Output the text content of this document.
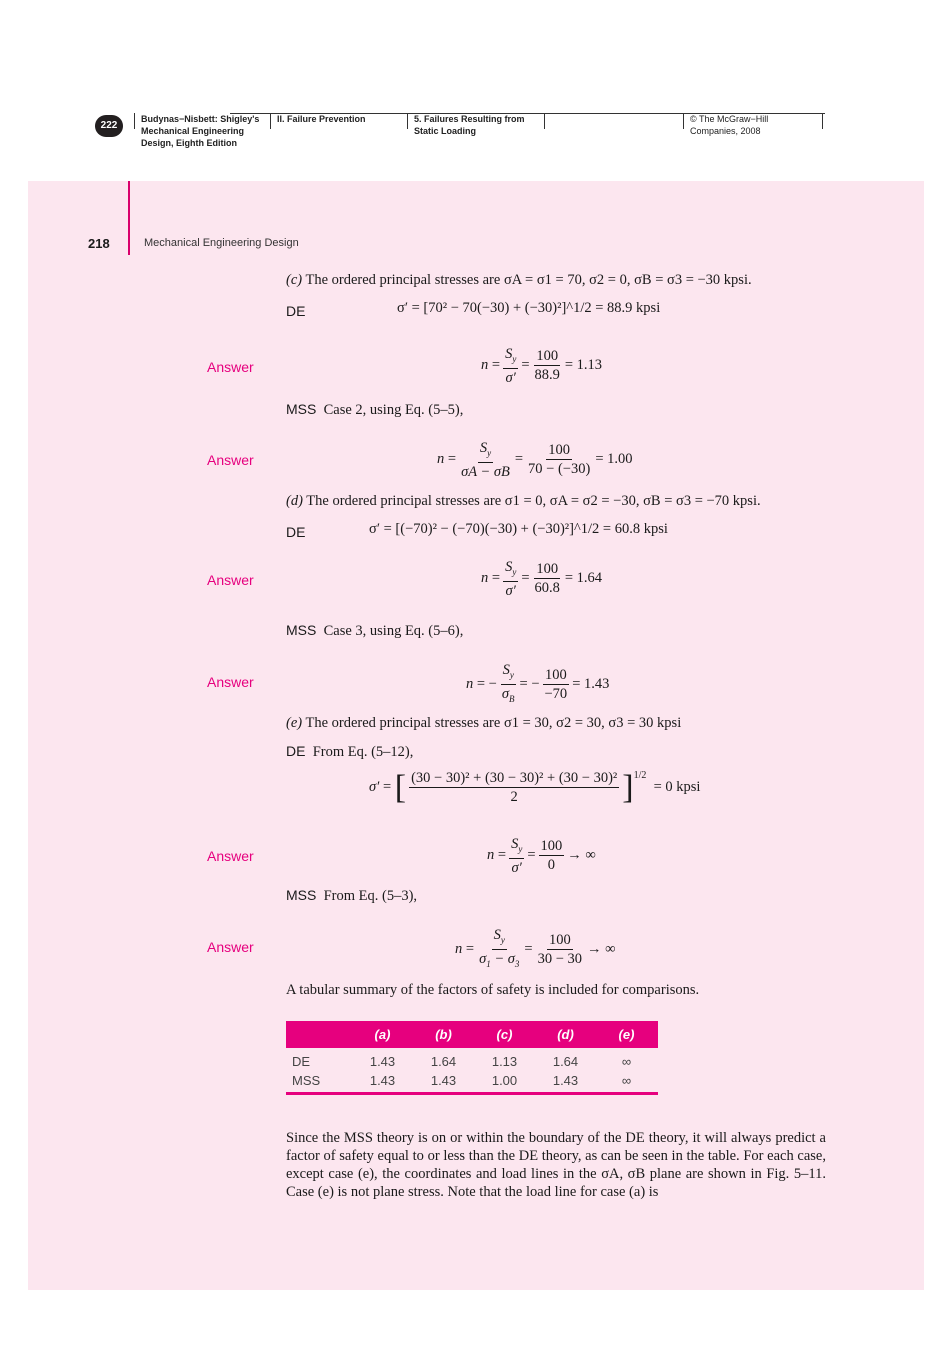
222
Budynas−Nisbett: Shigley's
Mechanical Engineering
Design, Eighth Edition
II. Failure Prevention	5. Failures Resulting from
Static Loading
© The McGraw−Hill
Companies, 2008
218	Mechanical Engineering Design
(c) The ordered principal stresses are σA = σ1 = 70, σ2 = 0, σB = σ3 = −30 kpsi.
DE	σ′ = [70² − 70(−30) + (−30)²]^1/2 = 88.9 kpsi
Answer	$n = \frac{S_y}{\sigma'} = \frac{100}{88.9} = 1.13$
MSS Case 2, using Eq. (5–5),
Answer	$n = \frac{S_y}{\sigma A - \sigma B} = \frac{100}{70 - (-30)} = 1.00$
(d) The ordered principal stresses are σ1 = 0, σA = σ2 = −30, σB = σ3 = −70 kpsi.
DE	σ′ = [(−70)² − (−70)(−30) + (−30)²]^1/2 = 60.8 kpsi
Answer	$n = \frac{S_y}{\sigma'} = \frac{100}{60.8} = 1.64$
MSS Case 3, using Eq. (5–6),
Answer	n = − $\frac{S_y}{\sigma_B}$ = − $\frac{100}{-70} = 1.43$
(e) The ordered principal stresses are σ1 = 30, σ2 = 30, σ3 = 30 kpsi
DE From Eq. (5–12),
σ′ = [ $\frac{\text{(30 − 30)² + (30 − 30)² + (30 − 30)²}}{2} ]^{1/2}$

= 0 kpsi
Answer	$n = \frac{S_y}{\sigma'} = \frac{100}{0}$ → ∞
MSS From Eq. (5–3),
Answer	$n = \frac{S_y}{\sigma_1 - \sigma_3} = \frac{100}{30 - 30}$ → ∞
A tabular summary of the factors of safety is included for comparisons.
(a)	(b)	(c)	(d)	(e)
DE	1.43	1.64	1.13	1.64	∞
MSS	1.43	1.43	1.00	1.43	∞
Since the MSS theory is on or within the boundary of the DE theory, it will always predict a factor of safety equal to or less than the DE theory, as can be seen in the table. For each case, except case (e), the coordinates and load lines in the σA, σB plane are shown in Fig. 5–11. Case (e) is not plane stress. Note that the load line for case (a) is
